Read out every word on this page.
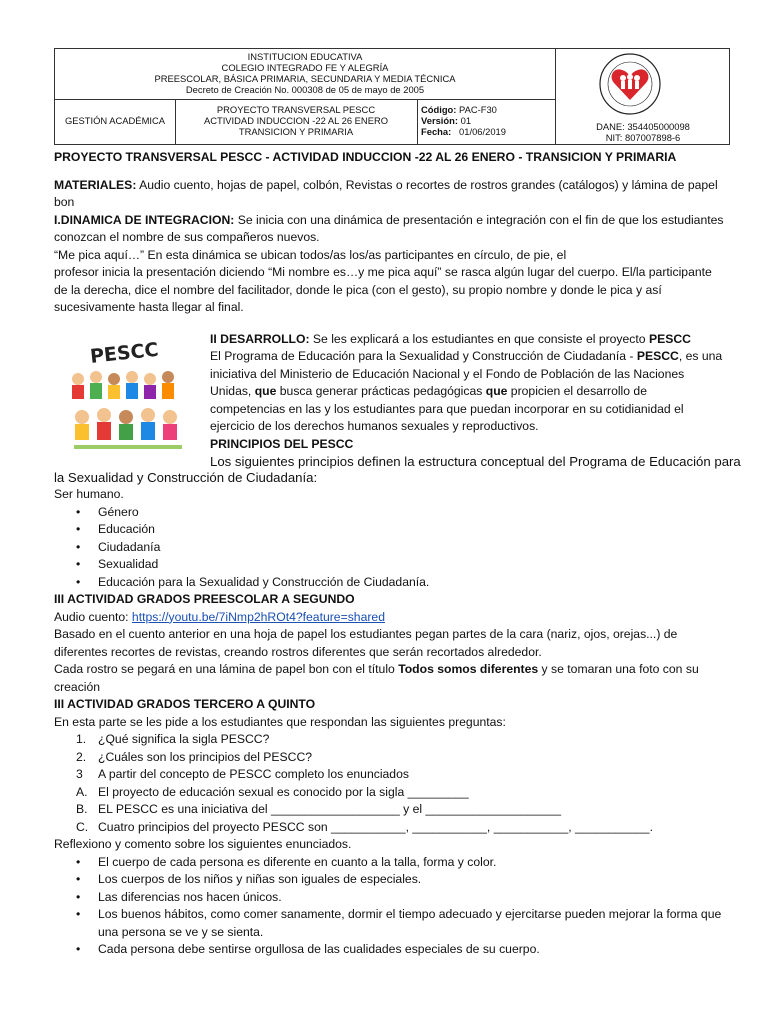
INSTITUCION EDUCATIVA
COLEGIO INTEGRADO FE Y ALEGRÍA
PREESCOLAR, BÁSICA PRIMARIA, SECUNDARIA Y MEDIA TÉCNICA
Decreto de Creación No. 000308 de 05 de mayo de 2005
GESTIÓN ACADÉMICA
PROYECTO TRANSVERSAL PESCC
ACTIVIDAD INDUCCION -22 AL 26 ENERO
TRANSICION Y PRIMARIA
Código: PAC-F30
Versión: 01
Fecha: 01/06/2019	DANE: 354405000098
NIT: 807007898-6

PROYECTO TRANSVERSAL PESCC - ACTIVIDAD INDUCCION -22 AL 26 ENERO - TRANSICION Y PRIMARIA

MATERIALES: Audio cuento, hojas de papel, colbón, Revistas o recortes de rostros grandes (catálogos) y lámina de papel bon

I.DINAMICA DE INTEGRACION: Se inicia con una dinámica de presentación e integración con el fin de que los estudiantes conozcan el nombre de sus compañeros nuevos.

“Me pica aquí…” En esta dinámica se ubican todos/as los/as participantes en círculo, de pie, el

profesor inicia la presentación diciendo “Mi nombre es…y me pica aquí” se rasca algún lugar del cuerpo. El/la participante de la derecha, dice el nombre del facilitador, donde le pica (con el gesto), su propio nombre y donde le pica y así sucesivamente hasta llegar al final.

PESCC	II DESARROLLO: Se les explicará a los estudiantes en que consiste el proyecto PESCC

El Programa de Educación para la Sexualidad y Construcción de Ciudadanía - PESCC, es una iniciativa del Ministerio de Educación Nacional y el Fondo de Población de las Naciones Unidas, que busca generar prácticas pedagógicas que propicien el desarrollo de competencias en las y los estudiantes para que puedan incorporar en su cotidianidad el ejercicio de los derechos humanos sexuales y reproductivos.

PRINCIPIOS DEL PESCC

Los siguientes principios definen la estructura conceptual del Programa de Educación para

la Sexualidad y Construcción de Ciudadanía:

Ser humano.

• Género
• Educación
• Ciudadanía
• Sexualidad
• Educación para la Sexualidad y Construcción de Ciudadanía.

III ACTIVIDAD GRADOS PREESCOLAR A SEGUNDO

Audio cuento: https://youtu.be/7iNmp2hROt4?feature=shared

Basado en el cuento anterior en una hoja de papel los estudiantes pegan partes de la cara (nariz, ojos, orejas...) de diferentes recortes de revistas, creando rostros diferentes que serán recortados alrededor.

Cada rostro se pegará en una lámina de papel bon con el título Todos somos diferentes y se tomaran una foto con su creación

III ACTIVIDAD GRADOS TERCERO A QUINTO

En esta parte se les pide a los estudiantes que respondan las siguientes preguntas:

1. ¿Qué significa la sigla PESCC?
2. ¿Cuáles son los principios del PESCC?
3 A partir del concepto de PESCC completo los enunciados
A. El proyecto de educación sexual es conocido por la sigla _________
B. EL PESCC es una iniciativa del ___________________ y el ____________________
C. Cuatro principios del proyecto PESCC son ___________, ___________, ___________, ___________.

Reflexiono y comento sobre los siguientes enunciados.

• El cuerpo de cada persona es diferente en cuanto a la talla, forma y color.
• Los cuerpos de los niños y niñas son iguales de especiales.
• Las diferencias nos hacen únicos.
• Los buenos hábitos, como comer sanamente, dormir el tiempo adecuado y ejercitarse pueden mejorar la forma que una persona se ve y se sienta.
• Cada persona debe sentirse orgullosa de las cualidades especiales de su cuerpo.
